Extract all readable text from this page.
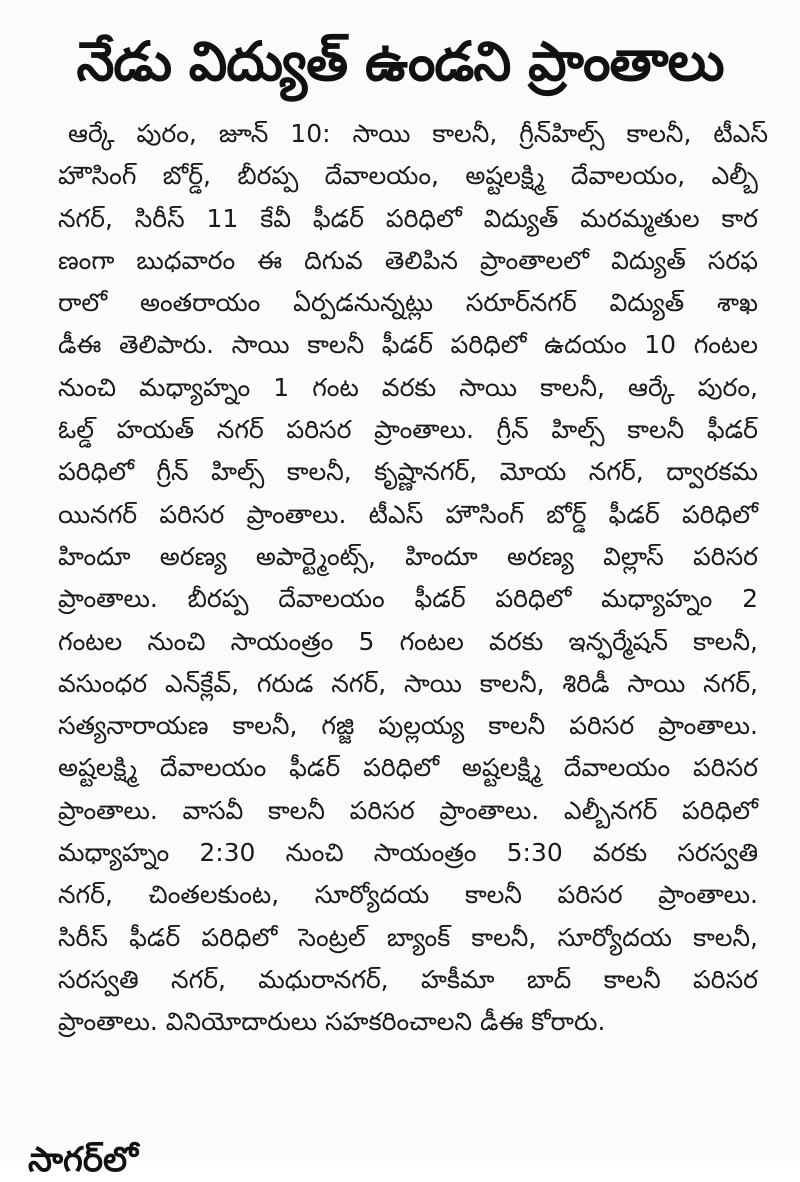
నేడు విద్యుత్ ఉండని ప్రాంతాలు
ఆర్కే పురం, జూన్ 10: సాయి కాలనీ, గ్రీన్‌హిల్స్ కాలనీ, టీఎస్
హౌసింగ్ బోర్డ్, బీరప్ప దేవాలయం, అష్టలక్ష్మి దేవాలయం, ఎల్బీ
నగర్, సిరీస్ 11 కేవీ ఫీడర్ పరిధిలో విద్యుత్ మరమ్మతుల కార
ణంగా బుధవారం ఈ దిగువ తెలిపిన ప్రాంతాలలో విద్యుత్ సరఫ
రాలో అంతరాయం ఏర్పడనున్నట్లు సరూర్‌నగర్ విద్యుత్ శాఖ
డీఈ తెలిపారు. సాయి కాలనీ ఫీడర్ పరిధిలో ఉదయం 10 గంటల
నుంచి మధ్యాహ్నం 1 గంట వరకు సాయి కాలనీ, ఆర్కే పురం,
ఓల్డ్ హయత్ నగర్ పరిసర ప్రాంతాలు. గ్రీన్ హిల్స్ కాలనీ ఫీడర్
పరిధిలో గ్రీన్ హిల్స్ కాలనీ, కృష్ణానగర్, మోయ నగర్, ద్వారకమ
యినగర్ పరిసర ప్రాంతాలు. టీఎస్ హౌసింగ్ బోర్డ్ ఫీడర్ పరిధిలో
హిందూ అరణ్య అపార్ట్మెంట్స్, హిందూ అరణ్య విల్లాస్ పరిసర
ప్రాంతాలు. బీరప్ప దేవాలయం ఫీడర్ పరిధిలో మధ్యాహ్నం 2
గంటల నుంచి సాయంత్రం 5 గంటల వరకు ఇన్ఫర్మేషన్ కాలనీ,
వసుంధర ఎన్‌క్లేవ్, గరుడ నగర్, సాయి కాలనీ, శిరిడీ సాయి నగర్,
సత్యనారాయణ కాలనీ, గజ్జి పుల్లయ్య కాలనీ పరిసర ప్రాంతాలు.
అష్టలక్ష్మి దేవాలయం ఫీడర్ పరిధిలో అష్టలక్ష్మి దేవాలయం పరిసర
ప్రాంతాలు. వాసవీ కాలనీ పరిసర ప్రాంతాలు. ఎల్బీనగర్ పరిధిలో
మధ్యాహ్నం 2:30 నుంచి సాయంత్రం 5:30 వరకు సరస్వతి
నగర్, చింతలకుంట, సూర్యోదయ కాలనీ పరిసర ప్రాంతాలు.
సిరీస్ ఫీడర్ పరిధిలో సెంట్రల్ బ్యాంక్ కాలనీ, సూర్యోదయ కాలనీ,
సరస్వతి నగర్, మధురానగర్, హకీమా బాద్ కాలనీ పరిసర
ప్రాంతాలు. వినియోదారులు సహకరించాలని డీఈ కోరారు.
సాగర్‌లో
